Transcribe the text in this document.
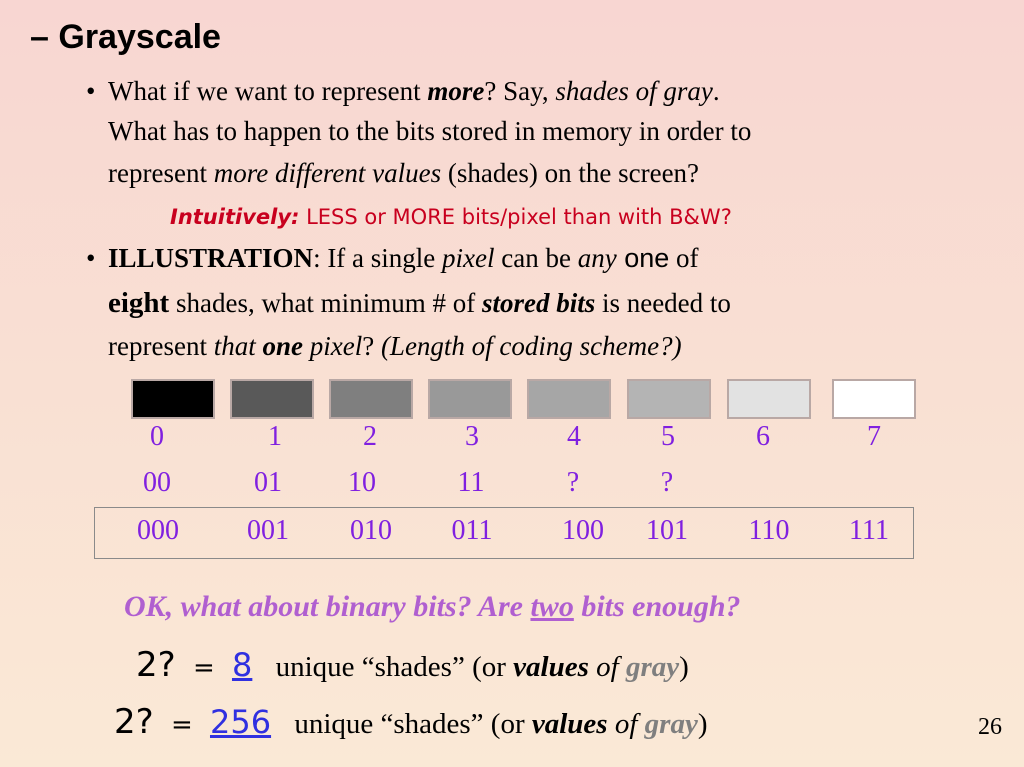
– Grayscale
• What if we want to represent more? Say, shades of gray.
What has to happen to the bits stored in memory in order to
represent more different values (shades) on the screen?
Intuitively: LESS or MORE bits/pixel than with B&W?
• ILLUSTRATION: If a single pixel can be any one of
eight shades, what minimum # of stored bits is needed to
represent that one pixel? (Length of coding scheme?)
0	1	2	3	4	5	6	7
00	01	10	11	?	?
000	001	010	011	100	101	110	111
OK, what about binary bits? Are two bits enough?
2? = 8 unique “shades” (or values of gray)
2? = 256 unique “shades” (or values of gray)	26
